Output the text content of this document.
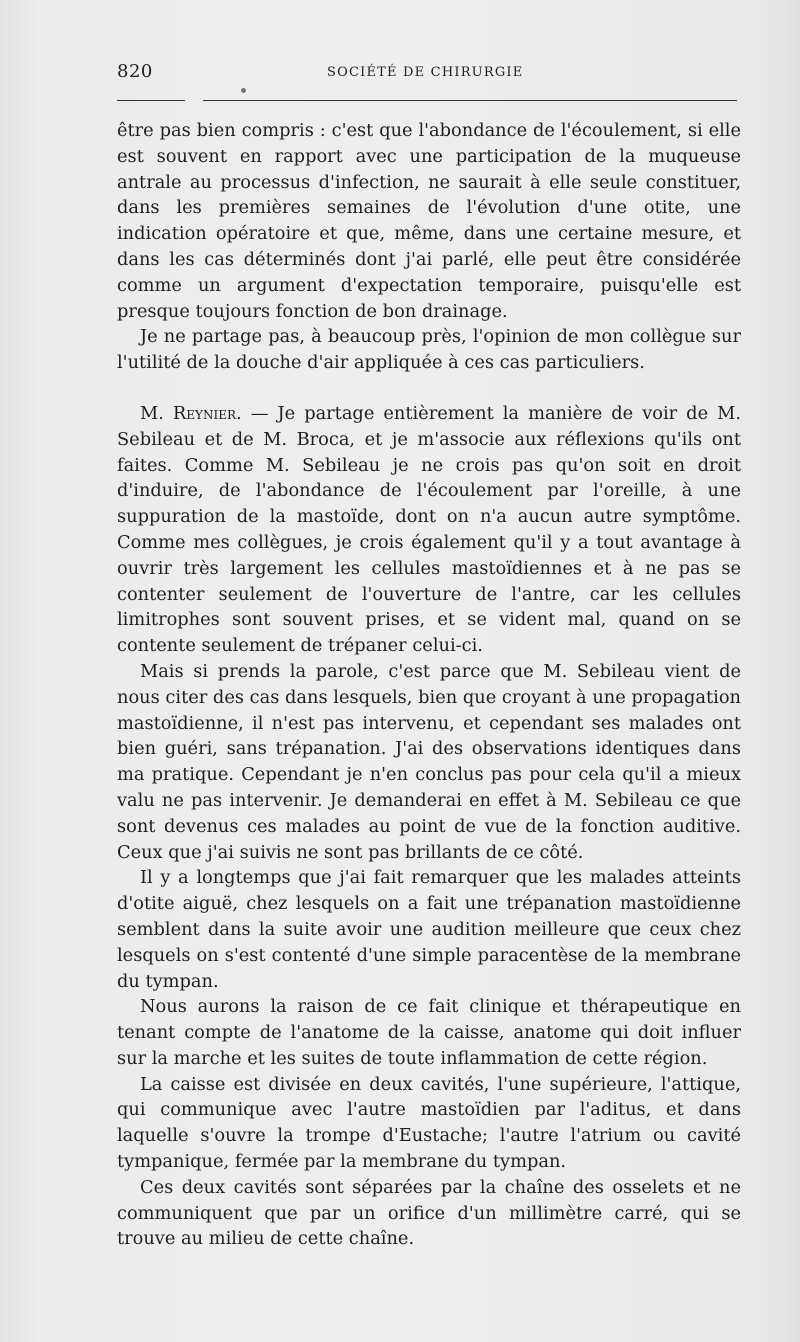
820	SOCIÉTÉ DE CHIRURGIE

être pas bien compris : c'est que l'abondance de l'écoulement, si elle est souvent en rapport avec une participation de la muqueuse antrale au processus d'infection, ne saurait à elle seule constituer, dans les premières semaines de l'évolution d'une otite, une indication opératoire et que, même, dans une certaine mesure, et dans les cas déterminés dont j'ai parlé, elle peut être considérée comme un argument d'expectation temporaire, puisqu'elle est presque toujours fonction de bon drainage.

Je ne partage pas, à beaucoup près, l'opinion de mon collègue sur l'utilité de la douche d'air appliquée à ces cas particuliers.

M. Reynier. — Je partage entièrement la manière de voir de M. Sebileau et de M. Broca, et je m'associe aux réflexions qu'ils ont faites. Comme M. Sebileau je ne crois pas qu'on soit en droit d'induire, de l'abondance de l'écoulement par l'oreille, à une suppuration de la mastoïde, dont on n'a aucun autre symptôme. Comme mes collègues, je crois également qu'il y a tout avantage à ouvrir très largement les cellules mastoïdiennes et à ne pas se contenter seulement de l'ouverture de l'antre, car les cellules limitrophes sont souvent prises, et se vident mal, quand on se contente seulement de trépaner celui-ci.

Mais si prends la parole, c'est parce que M. Sebileau vient de nous citer des cas dans lesquels, bien que croyant à une propagation mastoïdienne, il n'est pas intervenu, et cependant ses malades ont bien guéri, sans trépanation. J'ai des observations identiques dans ma pratique. Cependant je n'en conclus pas pour cela qu'il a mieux valu ne pas intervenir. Je demanderai en effet à M. Sebileau ce que sont devenus ces malades au point de vue de la fonction auditive. Ceux que j'ai suivis ne sont pas brillants de ce côté.

Il y a longtemps que j'ai fait remarquer que les malades atteints d'otite aiguë, chez lesquels on a fait une trépanation mastoïdienne semblent dans la suite avoir une audition meilleure que ceux chez lesquels on s'est contenté d'une simple paracentèse de la membrane du tympan.

Nous aurons la raison de ce fait clinique et thérapeutique en tenant compte de l'anatome de la caisse, anatome qui doit influer sur la marche et les suites de toute inflammation de cette région.

La caisse est divisée en deux cavités, l'une supérieure, l'attique, qui communique avec l'autre mastoïdien par l'aditus, et dans laquelle s'ouvre la trompe d'Eustache; l'autre l'atrium ou cavité tympanique, fermée par la membrane du tympan.

Ces deux cavités sont séparées par la chaîne des osselets et ne communiquent que par un orifice d'un millimètre carré, qui se trouve au milieu de cette chaîne.
